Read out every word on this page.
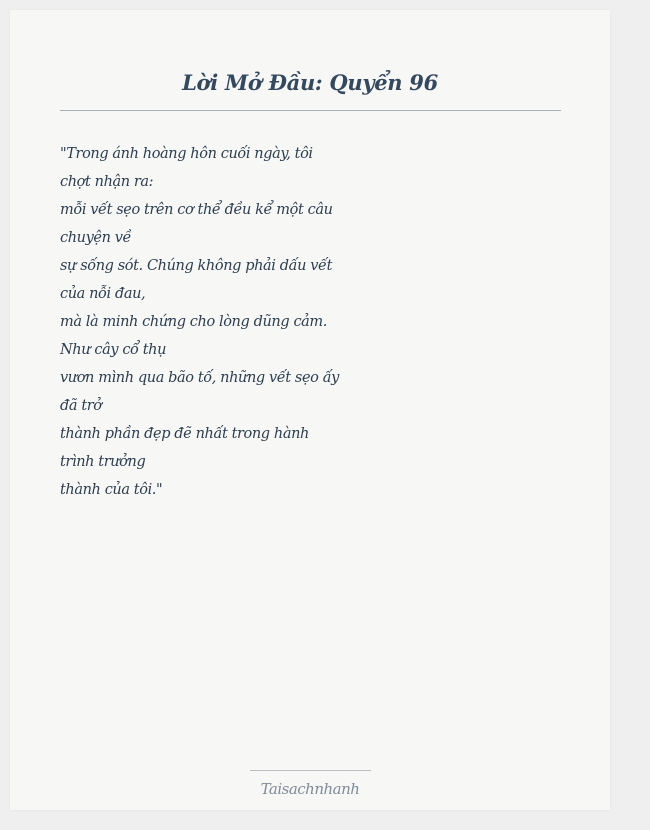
Lời Mở Đầu: Quyển 96
"Trong ánh hoàng hôn cuối ngày, tôi chợt nhận ra:
mỗi vết sẹo trên cơ thể đều kể một câu chuyện về
sự sống sót. Chúng không phải dấu vết của nỗi đau,
mà là minh chứng cho lòng dũng cảm. Như cây cổ thụ
vươn mình qua bão tố, những vết sẹo ấy đã trở
thành phần đẹp đẽ nhất trong hành trình trưởng
thành của tôi."
Taisachnhanh
